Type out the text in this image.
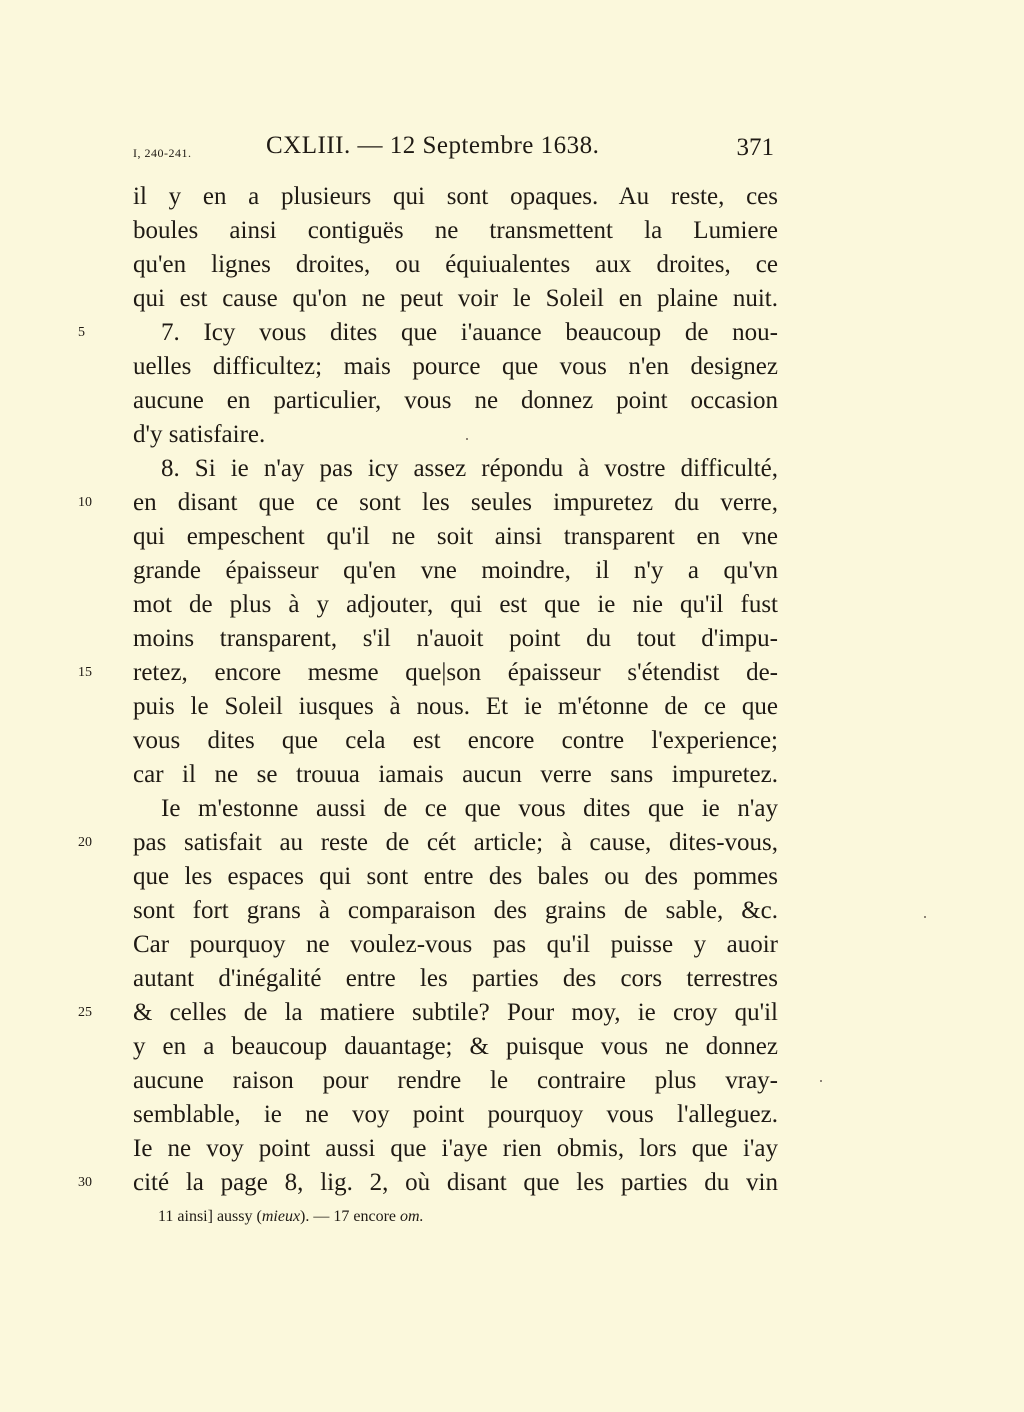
I, 240-241.	CXLIII. — 12 Septembre 1638.	371
il y en a plusieurs qui sont opaques. Au reste, ces
boules ainsi contiguës ne transmettent la Lumiere
qu'en lignes droites, ou équiualentes aux droites, ce
qui est cause qu'on ne peut voir le Soleil en plaine nuit.
5	7. Icy vous dites que i'auance beaucoup de nou-
uelles difficultez; mais pource que vous n'en designez
aucune en particulier, vous ne donnez point occasion
d'y satisfaire.
8. Si ie n'ay pas icy assez répondu à vostre difficulté,
10	en disant que ce sont les seules impuretez du verre,
qui empeschent qu'il ne soit ainsi transparent en vne
grande épaisseur qu'en vne moindre, il n'y a qu'vn
mot de plus à y adjouter, qui est que ie nie qu'il fust
moins transparent, s'il n'auoit point du tout d'impu-
15	retez, encore mesme que|son épaisseur s'étendist de-
puis le Soleil iusques à nous. Et ie m'étonne de ce que
vous dites que cela est encore contre l'experience;
car il ne se trouua iamais aucun verre sans impuretez.
Ie m'estonne aussi de ce que vous dites que ie n'ay
20	pas satisfait au reste de cét article; à cause, dites-vous,
que les espaces qui sont entre des bales ou des pommes
sont fort grans à comparaison des grains de sable, &c.
Car pourquoy ne voulez-vous pas qu'il puisse y auoir
autant d'inégalité entre les parties des cors terrestres
25	& celles de la matiere subtile? Pour moy, ie croy qu'il
y en a beaucoup dauantage; & puisque vous ne donnez
aucune raison pour rendre le contraire plus vray-
semblable, ie ne voy point pourquoy vous l'alleguez.
Ie ne voy point aussi que i'aye rien obmis, lors que i'ay
30	cité la page 8, lig. 2, où disant que les parties du vin
11 ainsi] aussy (mieux). — 17 encore om.
